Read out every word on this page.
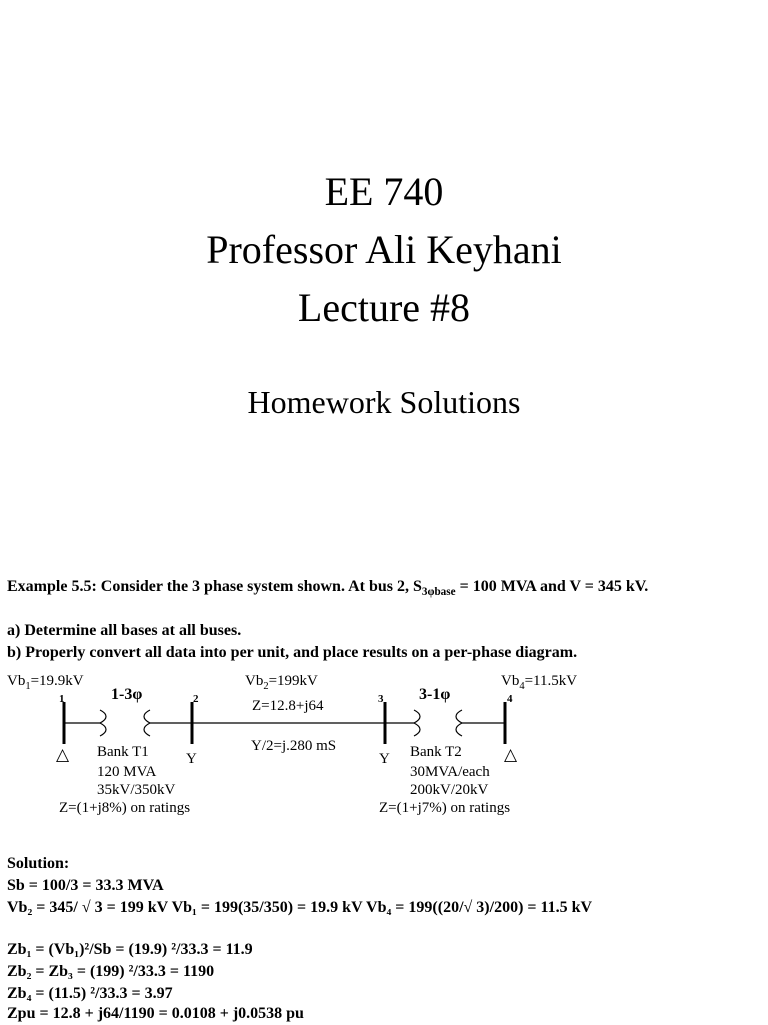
EE 740
Professor Ali Keyhani
Lecture #8
Homework Solutions
Example 5.5: Consider the 3 phase system shown. At bus 2, $S_{3\varphi base} = 100$ MVA and V = 345 kV.
a) Determine all bases at all buses.
b) Properly convert all data into per unit, and place results on a per-phase diagram.
$Vb_1=19.9kV$	$Vb_2=199kV$	$Vb_4=11.5kV$
1	2	3	4
1-3φ	3-1φ
Z=12.8+j64
Y/2=j.280 mS
△	Y	Y	△
Bank T1
120 MVA
35kV/350kV
Z=(1+j8%) on ratings
Bank T2
30MVA/each
200kV/20kV
Z=(1+j7%) on ratings
Solution:
Sb = 100/3 = 33.3 MVA
Vb₂ = 345/ √ 3 = 199 kV Vb₁ = 199(35/350) = 19.9 kV Vb₄ = 199((20/√ 3)/200) = 11.5 kV
Zb₁ = (Vb₁)²/Sb = (19.9) ²/33.3 = 11.9
Zb₂ = Zb₃ = (199) ²/33.3 = 1190
Zb₄ = (11.5) ²/33.3 = 3.97
Zpu = 12.8 + j64/1190 = 0.0108 + j0.0538 pu
